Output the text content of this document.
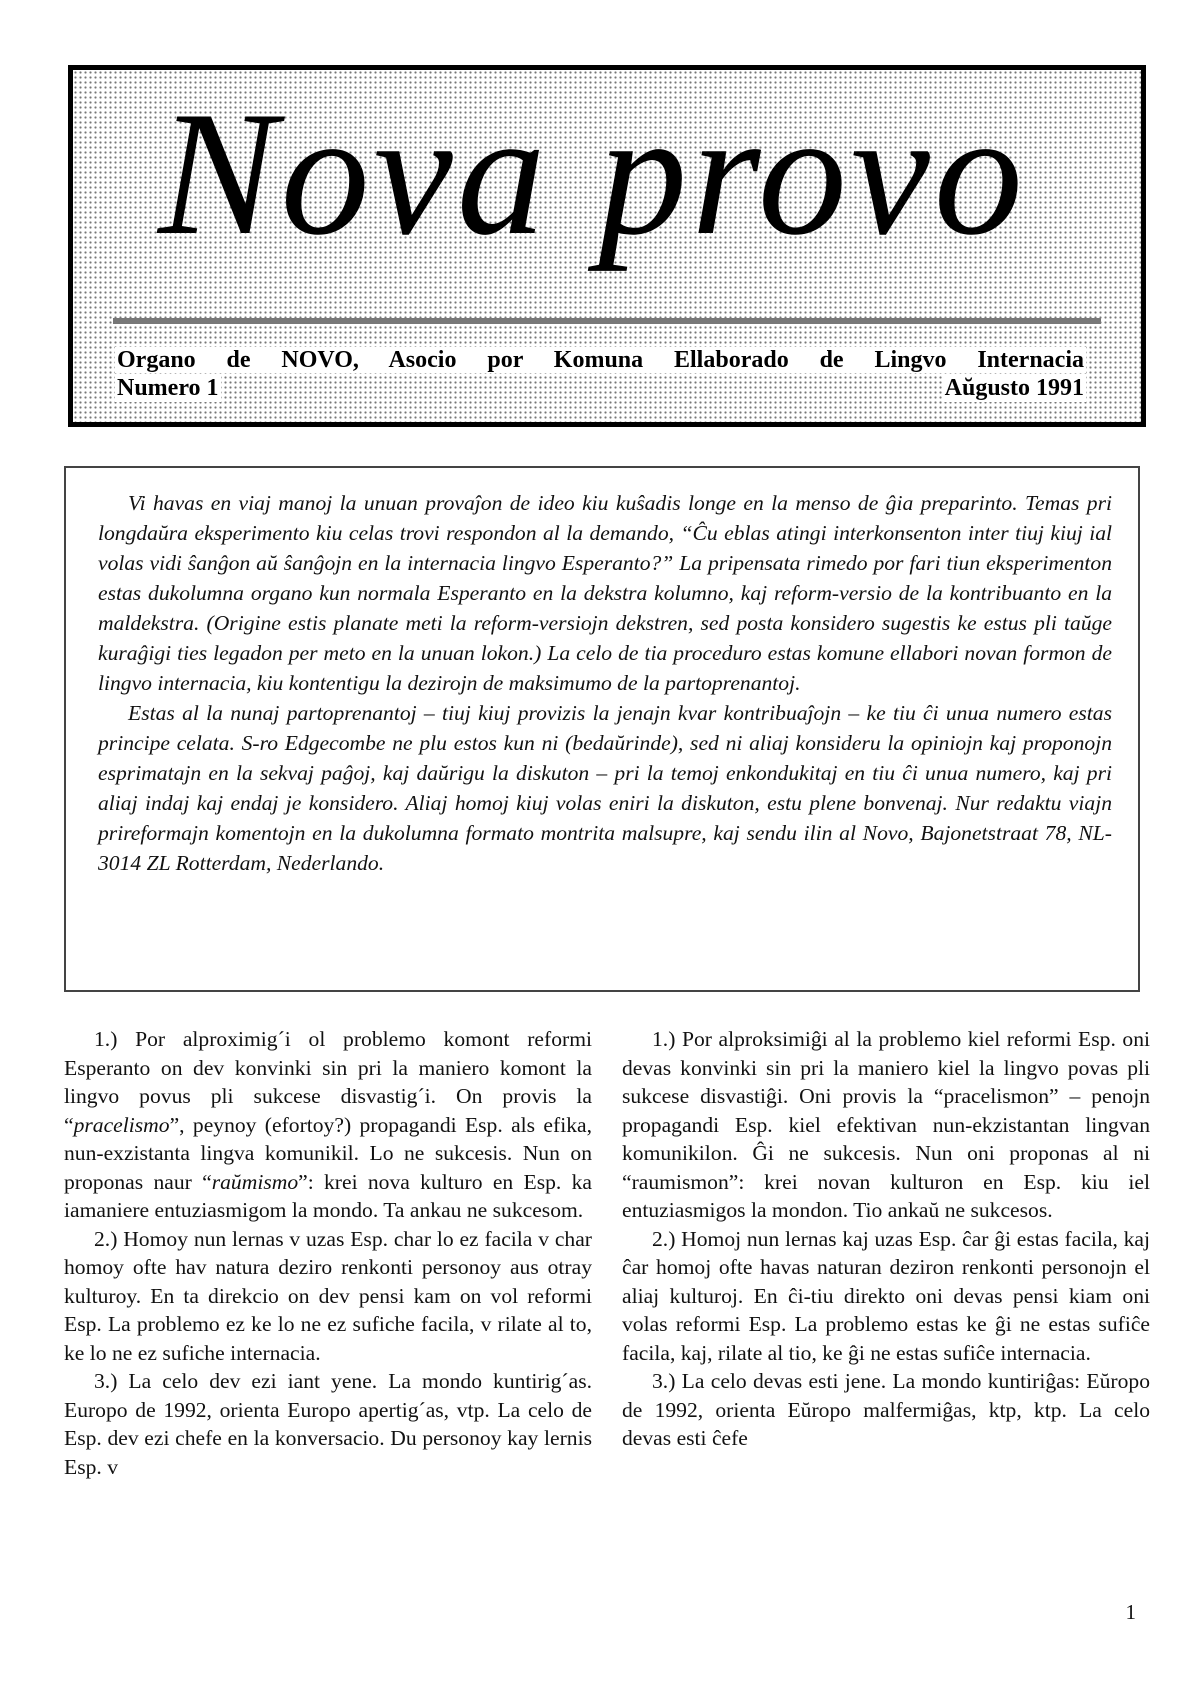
Nova provo
Organo de NOVO, Asocio por Komuna Ellaborado de Lingvo Internacia
Numero 1	Aŭgusto 1991

Vi havas en viaj manoj la unuan provaĵon de ideo kiu kuŝadis longe en la menso de ĝia preparinto. Temas pri longdaŭra eksperimento kiu celas trovi respondon al la demando, “Ĉu eblas atingi interkonsenton inter tiuj kiuj ial volas vidi ŝanĝon aŭ ŝanĝojn en la internacia lingvo Esperanto?” La pripensata rimedo por fari tiun eksperimenton estas dukolumna organo kun normala Esperanto en la dekstra kolumno, kaj reform-versio de la kontribuanto en la maldekstra. (Origine estis planate meti la reform-versiojn dekstren, sed posta konsidero sugestis ke estus pli taŭge kuraĝigi ties legadon per meto en la unuan lokon.) La celo de tia proceduro estas komune ellabori novan formon de lingvo internacia, kiu kontentigu la dezirojn de maksimumo de la partoprenantoj.

Estas al la nunaj partoprenantoj – tiuj kiuj provizis la jenajn kvar kontribuaĵojn – ke tiu ĉi unua numero estas principe celata. S-ro Edgecombe ne plu estos kun ni (bedaŭrinde), sed ni aliaj konsideru la opiniojn kaj proponojn esprimatajn en la sekvaj paĝoj, kaj daŭrigu la diskuton – pri la temoj enkondukitaj en tiu ĉi unua numero, kaj pri aliaj indaj kaj endaj je konsidero. Aliaj homoj kiuj volas eniri la diskuton, estu plene bonvenaj. Nur redaktu viajn prireformajn komentojn en la dukolumna formato montrita malsupre, kaj sendu ilin al Novo, Bajonetstraat 78, NL-3014 ZL Rotterdam, Nederlando.

1.) Por alproximig´i ol problemo komont reformi Esperanto on dev konvinki sin pri la maniero komont la lingvo povus pli sukcese disvastig´i. On provis la “pracelismo”, peynoy (efortoy?) propagandi Esp. als efika, nun-exzistanta lingva komunikil. Lo ne sukcesis. Nun on proponas naur “raŭmismo”: krei nova kulturo en Esp. ka iamaniere entuziasmigom la mondo. Ta ankau ne sukcesom.

2.) Homoy nun lernas v uzas Esp. char lo ez facila v char homoy ofte hav natura deziro renkonti personoy aus otray kulturoy. En ta direkcio on dev pensi kam on vol reformi Esp. La problemo ez ke lo ne ez sufiche facila, v rilate al to, ke lo ne ez sufiche internacia.

3.) La celo dev ezi iant yene. La mondo kuntirig´as. Europo de 1992, orienta Europo apertig´as, vtp. La celo de Esp. dev ezi chefe en la konversacio. Du personoy kay lernis Esp. v

1.) Por alproksimiĝi al la problemo kiel reformi Esp. oni devas konvinki sin pri la maniero kiel la lingvo povas pli sukcese disvastiĝi. Oni provis la “pracelismon” – penojn propagandi Esp. kiel efektivan nun-ekzistantan lingvan komunikilon. Ĝi ne sukcesis. Nun oni proponas al ni “raumismon”: krei novan kulturon en Esp. kiu iel entuziasmigos la mondon. Tio ankaŭ ne sukcesos.

2.) Homoj nun lernas kaj uzas Esp. ĉar ĝi estas facila, kaj ĉar homoj ofte havas naturan deziron renkonti personojn el aliaj kulturoj. En ĉi-tiu direkto oni devas pensi kiam oni volas reformi Esp. La problemo estas ke ĝi ne estas sufiĉe facila, kaj, rilate al tio, ke ĝi ne estas sufiĉe internacia.

3.) La celo devas esti jene. La mondo kuntiriĝas: Eŭropo de 1992, orienta Eŭropo malfermiĝas, ktp, ktp. La celo devas esti ĉefe

1
